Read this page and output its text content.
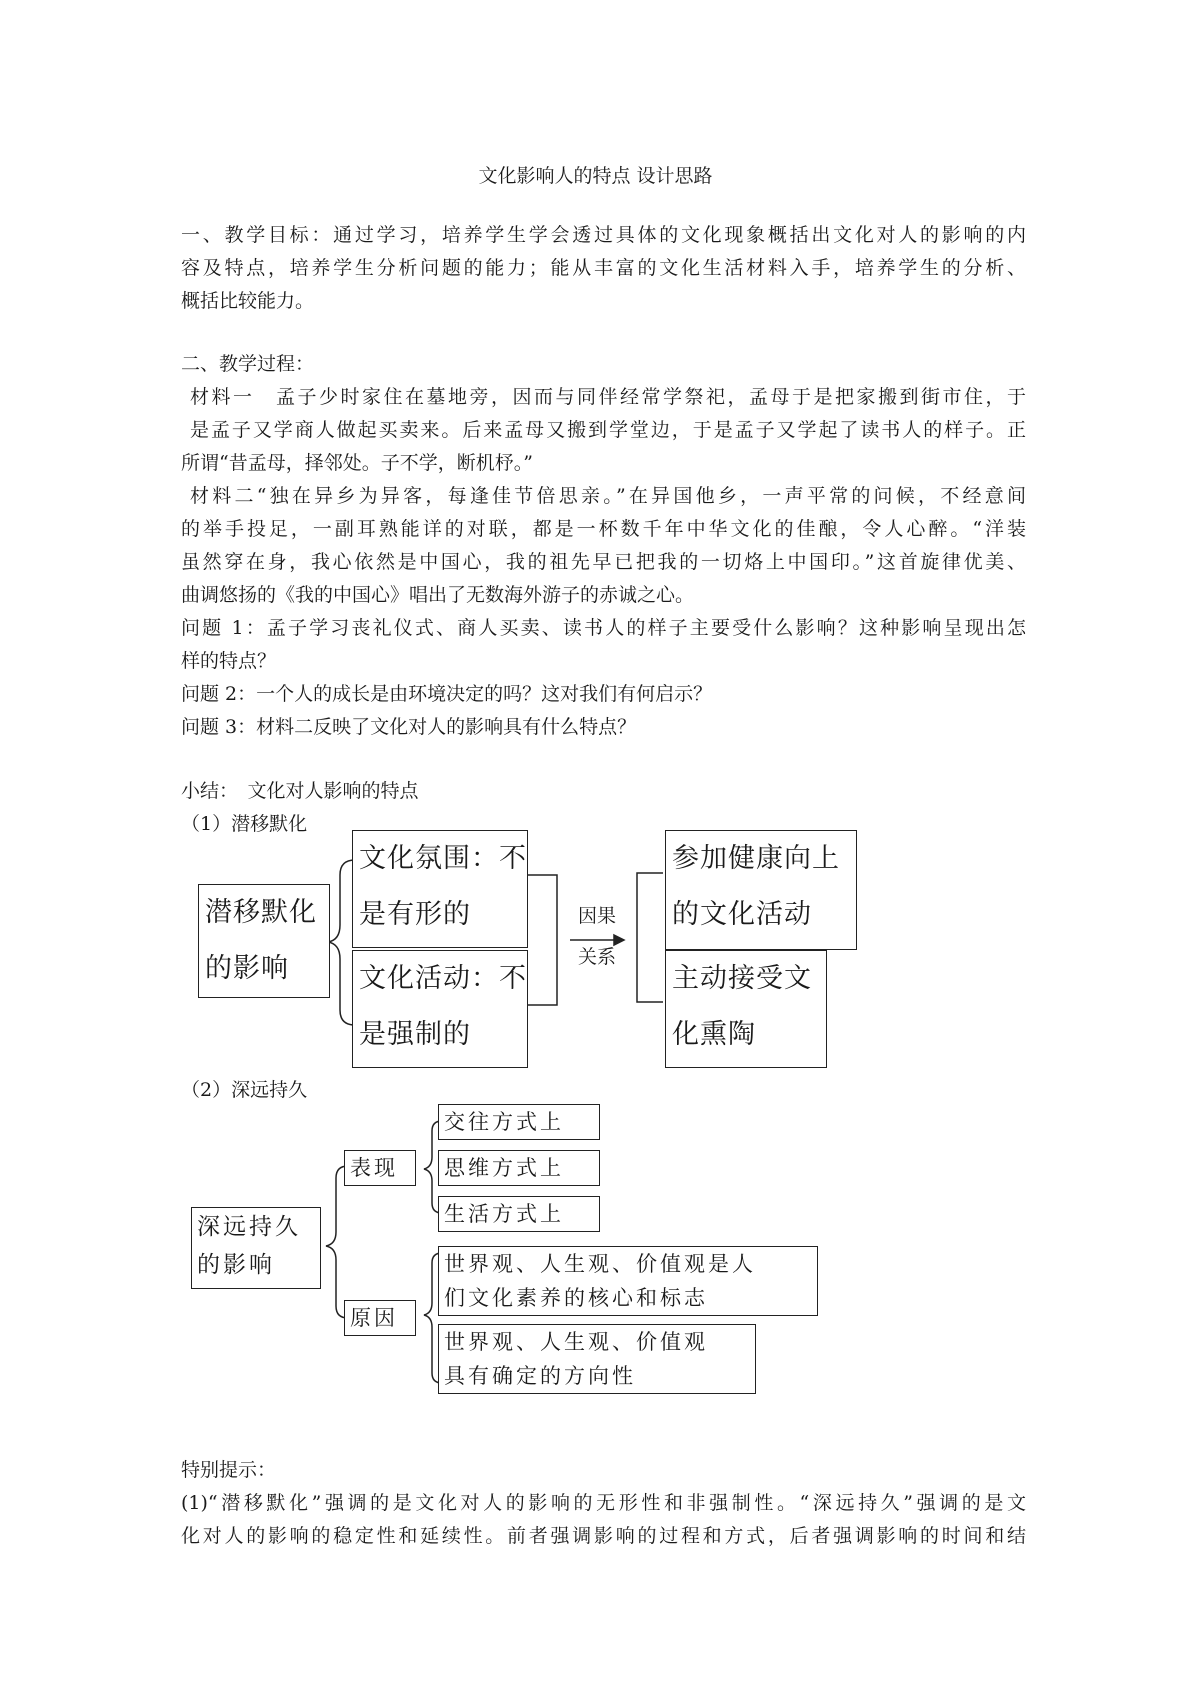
文化影响人的特点 设计思路
一、教学目标：通过学习，培养学生学会透过具体的文化现象概括出文化对人的影响的内
容及特点，培养学生分析问题的能力；能从丰富的文化生活材料入手，培养学生的分析、
概括比较能力。
二、教学过程：
材料一　孟子少时家住在墓地旁，因而与同伴经常学祭祀，孟母于是把家搬到街市住，于
是孟子又学商人做起买卖来。后来孟母又搬到学堂边，于是孟子又学起了读书人的样子。正
所谓“昔孟母，择邻处。子不学，断机杼。”
材料二“独在异乡为异客，每逢佳节倍思亲。”在异国他乡，一声平常的问候，不经意间
的举手投足，一副耳熟能详的对联，都是一杯数千年中华文化的佳酿，令人心醉。“洋装
虽然穿在身，我心依然是中国心，我的祖先早已把我的一切烙上中国印。”这首旋律优美、
曲调悠扬的《我的中国心》唱出了无数海外游子的赤诚之心。
问题 1：孟子学习丧礼仪式、商人买卖、读书人的样子主要受什么影响？这种影响呈现出怎
样的特点？
问题 2：一个人的成长是由环境决定的吗？这对我们有何启示？
问题 3：材料二反映了文化对人的影响具有什么特点？
小结：　文化对人影响的特点
（1）潜移默化
潜移默化
的影响
文化氛围：不
是有形的
文化活动：不
是强制的
因果
关系
参加健康向上
的文化活动
主动接受文
化熏陶
（2）深远持久
深远持久
的影响
表现
原因
交往方式上
思维方式上
生活方式上
世界观、人生观、价值观是人
们文化素养的核心和标志
世界观、人生观、价值观
具有确定的方向性
特别提示：
(1)“潜移默化”强调的是文化对人的影响的无形性和非强制性。“深远持久”强调的是文
化对人的影响的稳定性和延续性。前者强调影响的过程和方式，后者强调影响的时间和结
